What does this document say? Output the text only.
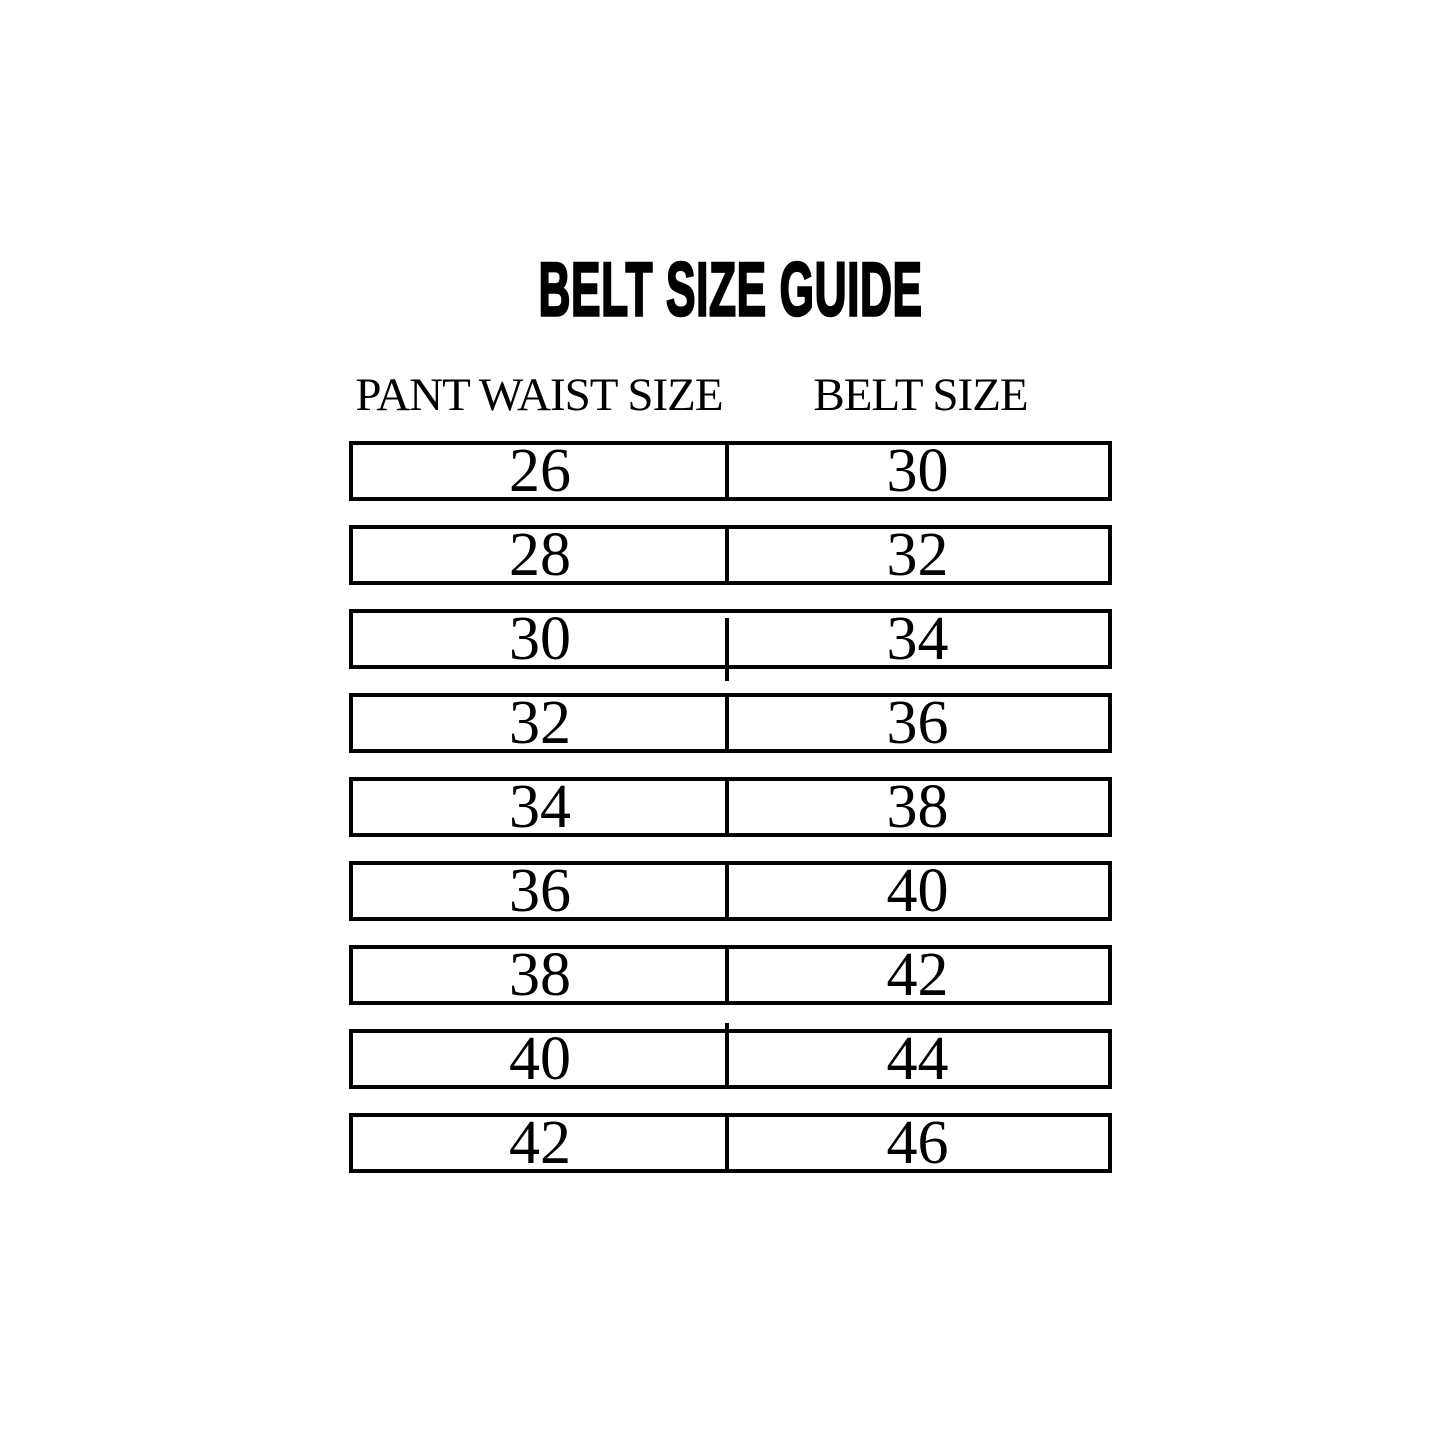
BELT SIZE GUIDE
PANT WAIST SIZE	BELT SIZE
26	30
28	32
30	34
32	36
34	38
36	40
38	42
40	44
42	46
